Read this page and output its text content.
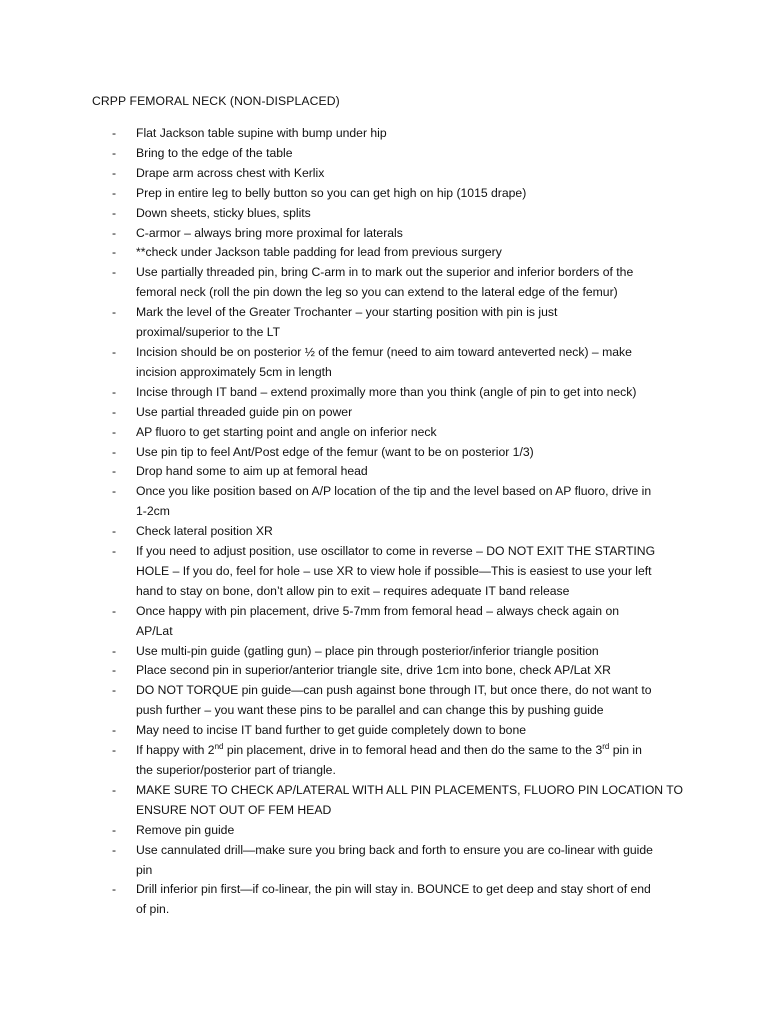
CRPP FEMORAL NECK (NON-DISPLACED)
- Flat Jackson table supine with bump under hip
- Bring to the edge of the table
- Drape arm across chest with Kerlix
- Prep in entire leg to belly button so you can get high on hip (1015 drape)
- Down sheets, sticky blues, splits
- C-armor – always bring more proximal for laterals
- **check under Jackson table padding for lead from previous surgery
- Use partially threaded pin, bring C-arm in to mark out the superior and inferior borders of the
femoral neck (roll the pin down the leg so you can extend to the lateral edge of the femur)
- Mark the level of the Greater Trochanter – your starting position with pin is just
proximal/superior to the LT
- Incision should be on posterior ½ of the femur (need to aim toward anteverted neck) – make
incision approximately 5cm in length
- Incise through IT band – extend proximally more than you think (angle of pin to get into neck)
- Use partial threaded guide pin on power
- AP fluoro to get starting point and angle on inferior neck
- Use pin tip to feel Ant/Post edge of the femur (want to be on posterior 1/3)
- Drop hand some to aim up at femoral head
- Once you like position based on A/P location of the tip and the level based on AP fluoro, drive in
1-2cm
- Check lateral position XR
- If you need to adjust position, use oscillator to come in reverse – DO NOT EXIT THE STARTING
HOLE – If you do, feel for hole – use XR to view hole if possible—This is easiest to use your left
hand to stay on bone, don’t allow pin to exit – requires adequate IT band release
- Once happy with pin placement, drive 5-7mm from femoral head – always check again on
AP/Lat
- Use multi-pin guide (gatling gun) – place pin through posterior/inferior triangle position
- Place second pin in superior/anterior triangle site, drive 1cm into bone, check AP/Lat XR
- DO NOT TORQUE pin guide—can push against bone through IT, but once there, do not want to
push further – you want these pins to be parallel and can change this by pushing guide
- May need to incise IT band further to get guide completely down to bone
- If happy with 2nd pin placement, drive in to femoral head and then do the same to the 3rd pin in
the superior/posterior part of triangle.
- MAKE SURE TO CHECK AP/LATERAL WITH ALL PIN PLACEMENTS, FLUORO PIN LOCATION TO
ENSURE NOT OUT OF FEM HEAD
- Remove pin guide
- Use cannulated drill—make sure you bring back and forth to ensure you are co-linear with guide
pin
- Drill inferior pin first—if co-linear, the pin will stay in. BOUNCE to get deep and stay short of end
of pin.
